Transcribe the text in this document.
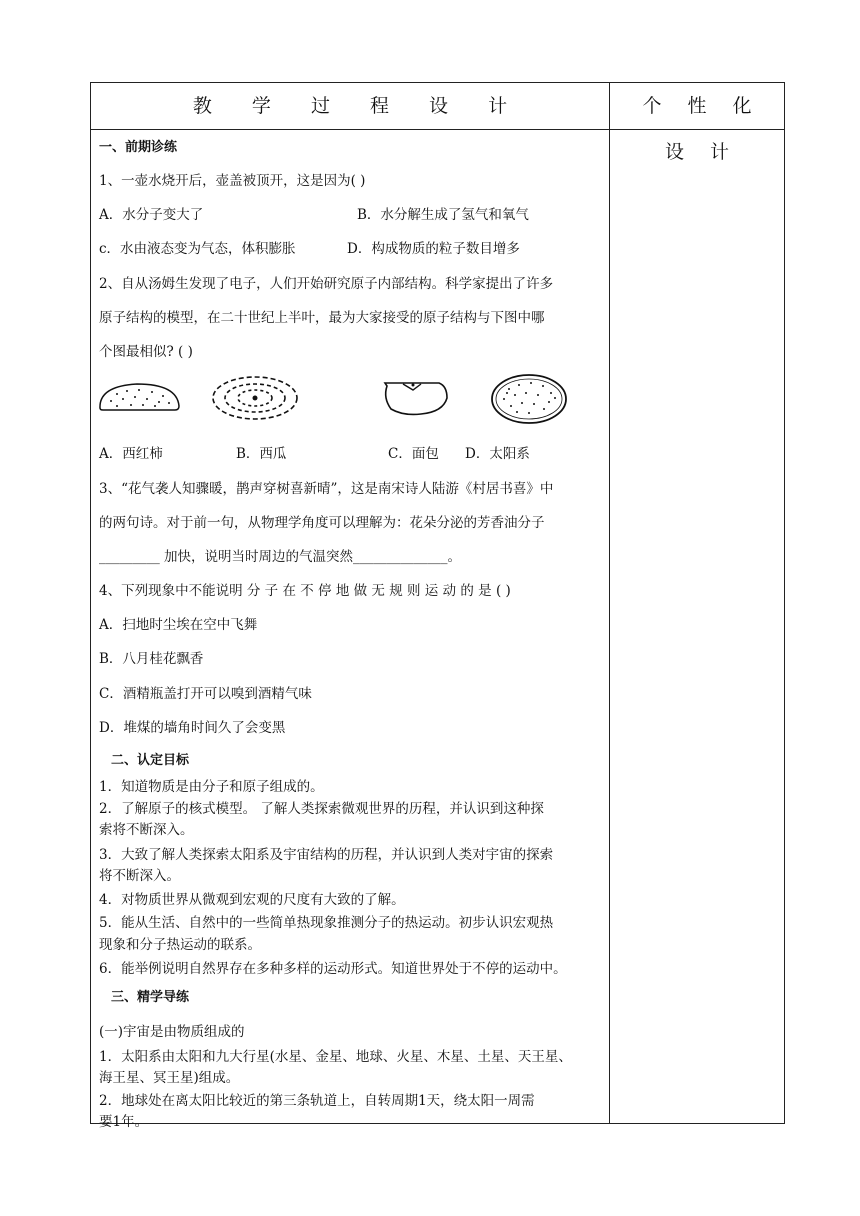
教 学 过 程 设 计	个 性 化 设 计
一、前期诊练
1、一壶水烧开后，壶盖被顶开，这是因为( )
A．水分子变大了	B．水分解生成了氢气和氧气
c．水由液态变为气态，体积膨胀	D．构成物质的粒子数目增多
2、自从汤姆生发现了电子，人们开始研究原子内部结构。科学家提出了许多
原子结构的模型，在二十世纪上半叶，最为大家接受的原子结构与下图中哪
个图最相似? ( )
A．西红柿	B．西瓜	C．面包 D．太阳系
3、“花气袭人知骤暖，鹊声穿树喜新晴”，这是南宋诗人陆游《村居书喜》中
的两句诗。对于前一句，从物理学角度可以理解为：花朵分泌的芳香油分子
_________ 加快，说明当时周边的气温突然______________。
4、下列现象中不能说明 分 子 在 不 停 地 做 无 规 则 运 动 的 是 ( )
A．扫地时尘埃在空中飞舞
B．八月桂花飘香
C．酒精瓶盖打开可以嗅到酒精气味
D．堆煤的墙角时间久了会变黑
二、认定目标
1．知道物质是由分子和原子组成的。
2．了解原子的核式模型。 了解人类探索微观世界的历程，并认识到这种探
索将不断深入。
3．大致了解人类探索太阳系及宇宙结构的历程，并认识到人类对宇宙的探索
将不断深入。
4．对物质世界从微观到宏观的尺度有大致的了解。
5．能从生活、自然中的一些简单热现象推测分子的热运动。初步认识宏观热
现象和分子热运动的联系。
6．能举例说明自然界存在多种多样的运动形式。知道世界处于不停的运动中。
三、精学导练
(一)宇宙是由物质组成的
1．太阳系由太阳和九大行星(水星、金星、地球、火星、木星、土星、天王星、
海王星、冥王星)组成。
2．地球处在离太阳比较近的第三条轨道上，自转周期1天，绕太阳一周需
要1年。
